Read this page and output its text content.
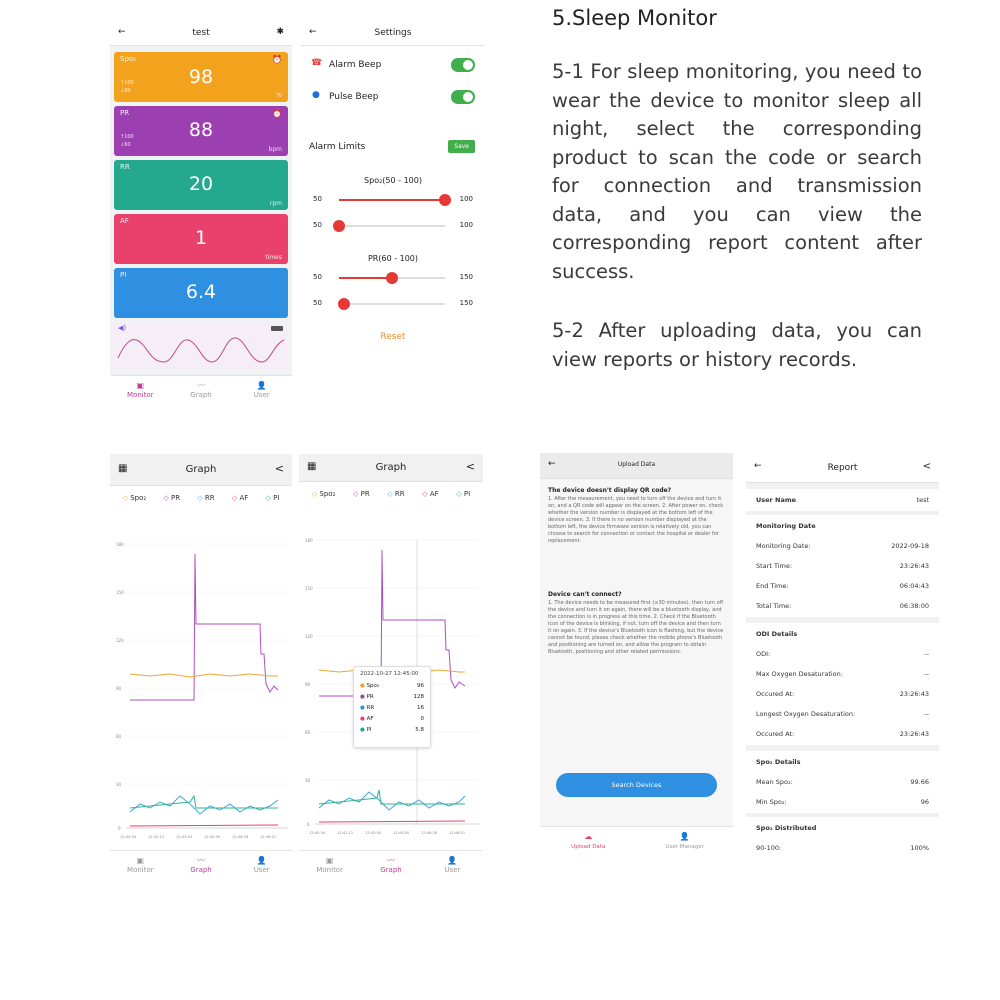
5.Sleep Monitor
5-1 For sleep monitoring, you need to wear the device to monitor sleep all night, select the corresponding product to scan the code or search for connection and transmission data, and you can view the corresponding report content after success.
5-2 After uploading data, you can view reports or history records.
←	test	✱
Spo₂
↑100
↓90
⏰
98
%
PR
↑100
↓60
⏰
88
bpm
RR
20
rpm
AF
1
times
PI
6.4
◀)
▣
Monitor
〰
Graph
👤
User
←	Settings
☎ Alarm Beep
● Pulse Beep
Alarm Limits	Save
Spo₂(50 - 100)
50	100
50	100
PR(60 - 100)
50	150
50	150
Reset
▦	Graph	<
◇ Spo₂ ◇ PR ◇ RR ◇ AF ◇ PI
180
150
120
90
60
30
0
12:40:34	12:42:12	12:43:50	12:44:50	12:46:28	12:46:01
▣
Monitor
〰
Graph
👤
User
▦	Graph	<
◇ Spo₂	◇ PR	◇ RR	◇ AF	◇ PI
180
150
120
90
60
30
0
12:40:34	12:42:12	12:43:50	12:44:50	12:46:28	12:46:01
2022-10-27 12:45:00
● Spo₂	96
● PR	128
● RR	16
● AF	0
● PI	5.8
▣
Monitor
〰
Graph
👤
User
←	Upload Data
The device doesn't display QR code?
1. After the measurement, you need to turn off the device and turn it on, and a QR code will appear on the screen. 2. After power on, check whether the version number is displayed at the bottom left of the device screen. 3. If there is no version number displayed at the bottom left, the device firmware version is relatively old, you can choose to search for connection or contact the hospital or dealer for replacement.
Device can't connect?
1. The device needs to be measured first (≥30 minutes), then turn off the device and turn it on again, there will be a bluetooth display, and the connection is in progress at this time. 2. Check if the Bluetooth icon of the device is blinking, if not, turn off the device and then turn it on again. 3. If the device's Bluetooth icon is flashing, but the device cannot be found, please check whether the mobile phone's Bluetooth and positioning are turned on, and allow the program to obtain Bluetooth, positioning and other related permissions.
Search Devices
☁
Upload Data
👤
User Manager
←	Report	<
User Name	test
Monitoring Date
Monitoring Date:	2022-09-18
Start Time:	23:26:43
End Time:	06:04:43
Total Time:	06:38:00
ODI Details
ODI:	--
Max Oxygen Desaturation:	--
Occured At:	23:26:43
Longest Oxygen Desaturation:	--
Occured At:	23:26:43
Spo₂ Details
Mean Spo₂:	99.66
Min Spo₂:	96
Spo₂ Distributed
90-100:	100%
